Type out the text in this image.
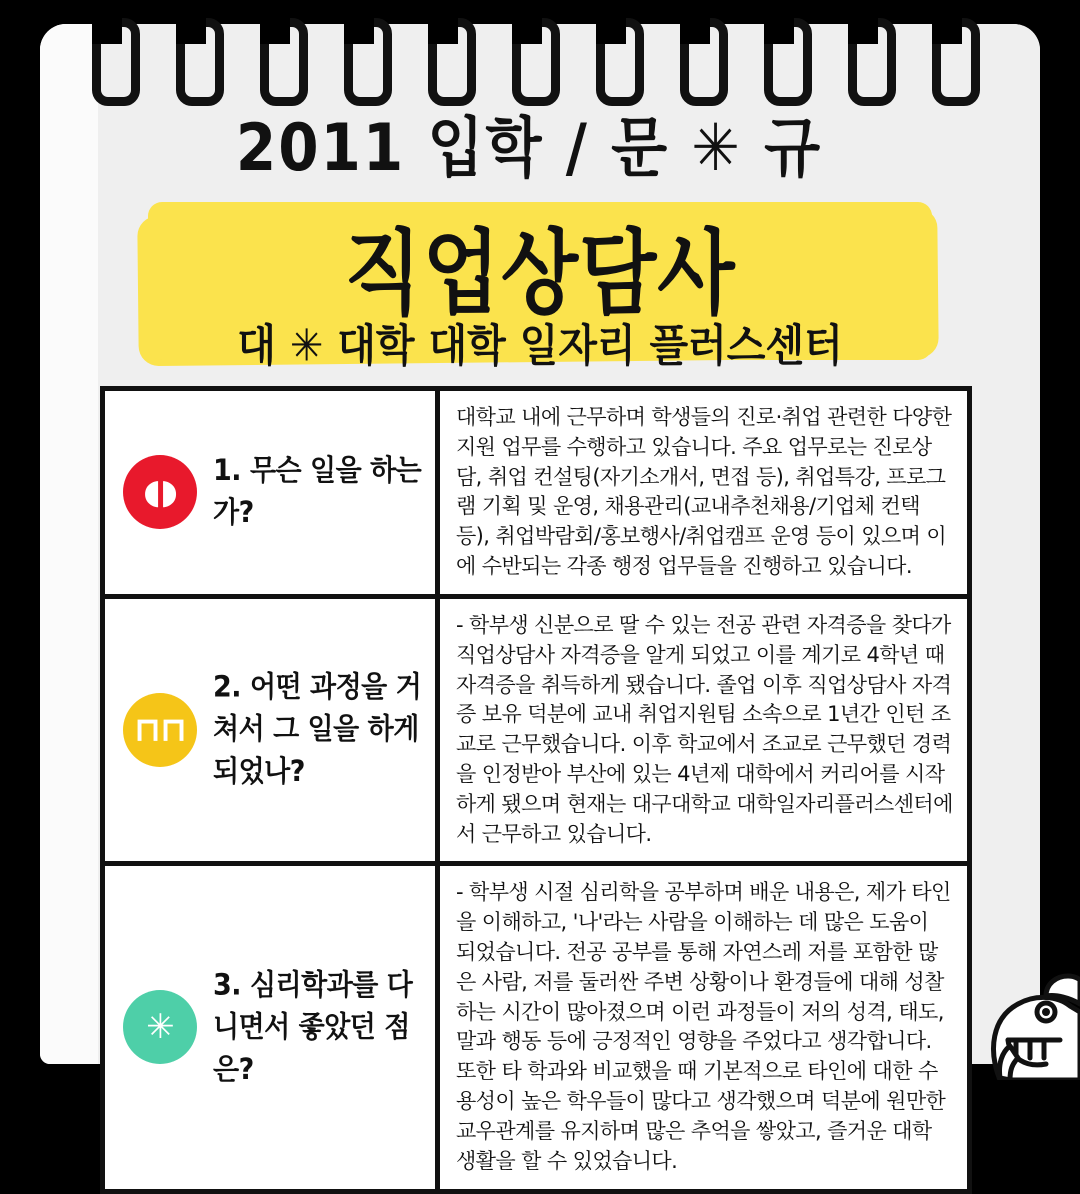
2011 입학 / 문 ✳ 규
직업상담사
대 ✳ 대학 대학 일자리 플러스센터
◖◗
1. 무슨 일을 하는가?
대학교 내에 근무하며 학생들의 진로·취업 관련한 다양한 지원 업무를 수행하고 있습니다. 주요 업무로는 진로상담, 취업 컨설팅(자기소개서, 면접 등), 취업특강, 프로그램 기획 및 운영, 채용관리(교내추천채용/기업체 컨택 등), 취업박람회/홍보행사/취업캠프 운영 등이 있으며 이에 수반되는 각종 행정 업무들을 진행하고 있습니다.
⊓⊓
2. 어떤 과정을 거쳐서 그 일을 하게 되었나?
- 학부생 신분으로 딸 수 있는 전공 관련 자격증을 찾다가 직업상담사 자격증을 알게 되었고 이를 계기로 4학년 때 자격증을 취득하게 됐습니다. 졸업 이후 직업상담사 자격증 보유 덕분에 교내 취업지원팀 소속으로 1년간 인턴 조교로 근무했습니다. 이후 학교에서 조교로 근무했던 경력을 인정받아 부산에 있는 4년제 대학에서 커리어를 시작하게 됐으며 현재는 대구대학교 대학일자리플러스센터에서 근무하고 있습니다.
✳
3. 심리학과를 다니면서 좋았던 점은?
- 학부생 시절 심리학을 공부하며 배운 내용은, 제가 타인을 이해하고, '나'라는 사람을 이해하는 데 많은 도움이 되었습니다. 전공 공부를 통해 자연스레 저를 포함한 많은 사람, 저를 둘러싼 주변 상황이나 환경들에 대해 성찰하는 시간이 많아졌으며 이런 과정들이 저의 성격, 태도, 말과 행동 등에 긍정적인 영향을 주었다고 생각합니다. 또한 타 학과와 비교했을 때 기본적으로 타인에 대한 수용성이 높은 학우들이 많다고 생각했으며 덕분에 원만한 교우관계를 유지하며 많은 추억을 쌓았고, 즐거운 대학 생활을 할 수 있었습니다.
